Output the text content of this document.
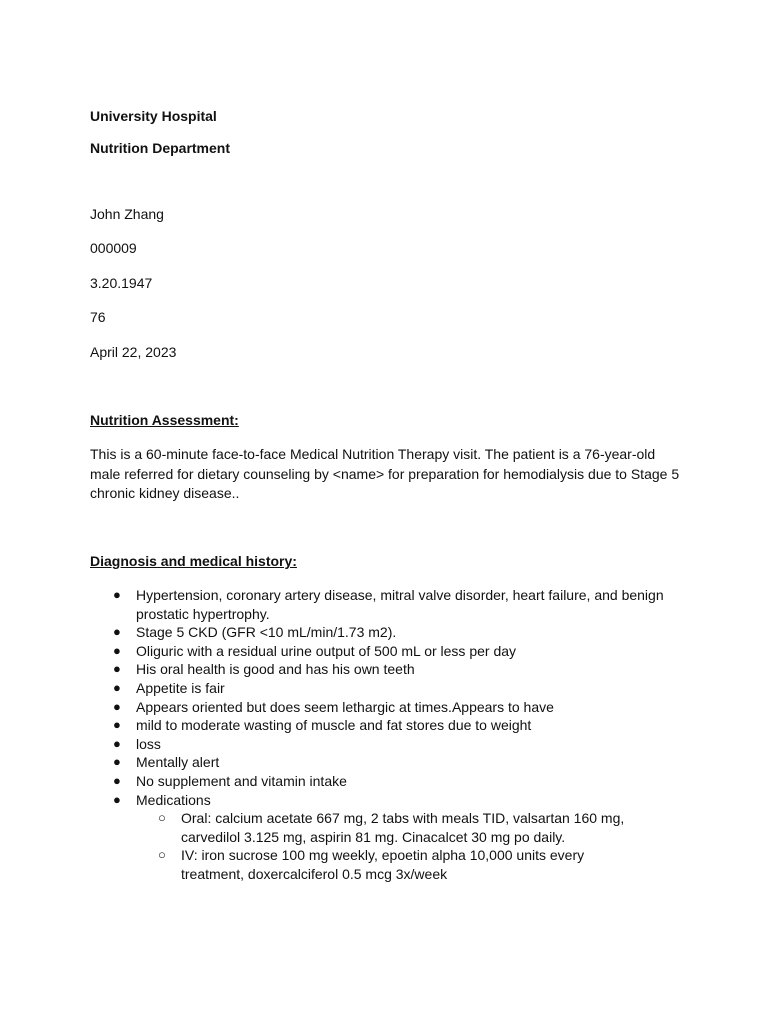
University Hospital

Nutrition Department

John Zhang

000009

3.20.1947

76

April 22, 2023

Nutrition Assessment:

This is a 60-minute face-to-face Medical Nutrition Therapy visit. The patient is a 76-year-old male referred for dietary counseling by <name> for preparation for hemodialysis due to Stage 5 chronic kidney disease..

Diagnosis and medical history:

● Hypertension, coronary artery disease, mitral valve disorder, heart failure, and benign prostatic hypertrophy.
● Stage 5 CKD (GFR <10 mL/min/1.73 m2).
● Oliguric with a residual urine output of 500 mL or less per day
● His oral health is good and has his own teeth
● Appetite is fair
● Appears oriented but does seem lethargic at times.Appears to have
● mild to moderate wasting of muscle and fat stores due to weight
● loss
● Mentally alert
● No supplement and vitamin intake
● Medications
○ Oral: calcium acetate 667 mg, 2 tabs with meals TID, valsartan 160 mg, carvedilol 3.125 mg, aspirin 81 mg. Cinacalcet 30 mg po daily.
○ IV: iron sucrose 100 mg weekly, epoetin alpha 10,000 units every treatment, doxercalciferol 0.5 mcg 3x/week
